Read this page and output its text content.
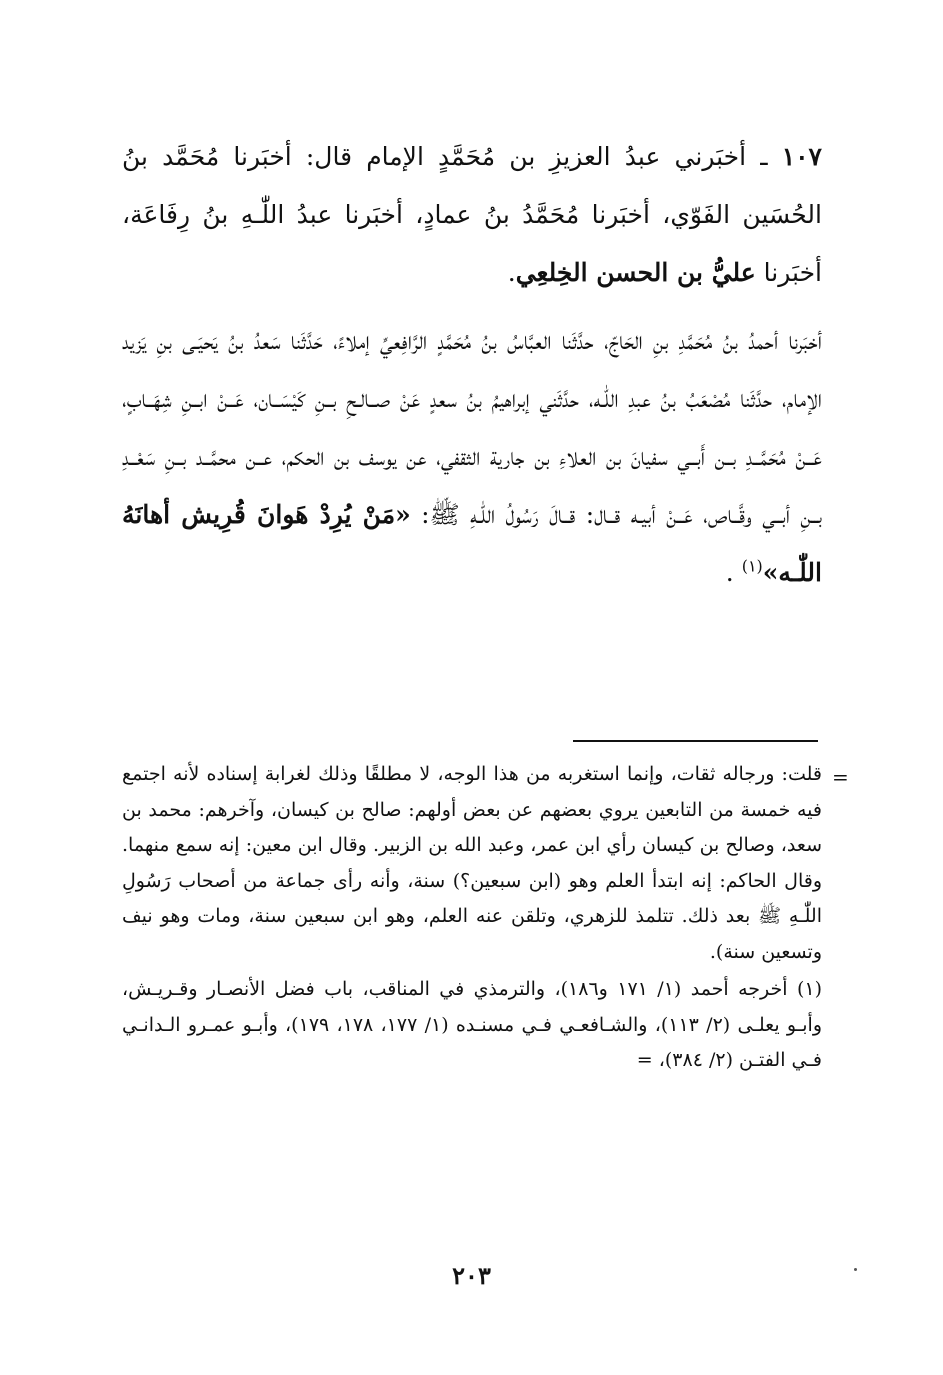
١٠٧ ـ أخبَرني عبدُ العزيزِ بن مُحَمَّدٍ الإمام قال: أخبَرنا مُحَمَّد بنُ الحُسَين الفَوّي، أخبَرنا مُحَمَّدُ بنُ عمادٍ، أخبَرنا عبدُ اللّٰـهِ بنُ رِفَاعَة، أخبَرنا عليُّ بن الحسن الخِلعِي.

أخبَرنا أحمدُ بنُ مُحَمَّدِ بنِ الحَاجّ، حدَّثَنا العبَّاسُ بنُ مُحَمَّدٍ الرَّافِعيِّ إملاءً، حَدَّثَنا سَعدُ بنُ يَحيَـى بنِ يَزيد الإمام، حدَّثَنا مُصْعَبُ بنُ عبدِ اللّٰـه، حدَّثَني إبراهيمُ بنُ سعدٍ عَنْ صــالـحِ بــنِ كَيْسَــان، عَــنْ ابــنِ شِهَــابٍ، عَــنْ مُحَمَّــدِ بــن أَبــي سفيانَ بن العلاءِ بن جارية الثقفي، عن يوسف بن الحكم، عــن محمَّــد بــنِ سَعْــدِ بــنِ أبــي وقَّــاص، عَــنْ أبيـه قــال: قــالَ رَسُولُ اللّٰـهِ ﷺ: «مَنْ يُرِدْ هَوانَ قُرِيش أهانَهُ اللّٰـه»$^{(١)}$ .

=

قلت: ورجاله ثقات، وإنما استغربه من هذا الوجه، لا مطلقًا وذلك لغرابة إسناده لأنه اجتمع فيه خمسة من التابعين يروي بعضهم عن بعض أولهم: صالح بن كيسان، وآخرهم: محمد بن سعد، وصالح بن كيسان رأي ابن عمر، وعبد الله بن الزبير. وقال ابن معين: إنه سمع منهما. وقال الحاكم: إنه ابتدأ العلم وهو (ابن سبعين؟) سنة، وأنه رأى جماعة من أصحاب رَسُولِ اللّٰـهِ ﷺ بعد ذلك. تتلمذ للزهري، وتلقن عنه العلم، وهو ابن سبعين سنة، ومات وهو نيف وتسعين سنة).

(١) أخرجه أحمد (١/ ١٧١ و١٨٦)، والترمذي في المناقب، باب فضل الأنصـار وقـريـش، وأبـو يعلـى (٢/ ١١٣)، والشـافعـي فـي مسنـده (١/ ١٧٧، ١٧٨، ١٧٩)، وأبـو عمـرو الـدانـي فـي الفتـن (٢/ ٣٨٤)، =

٢٠٣
